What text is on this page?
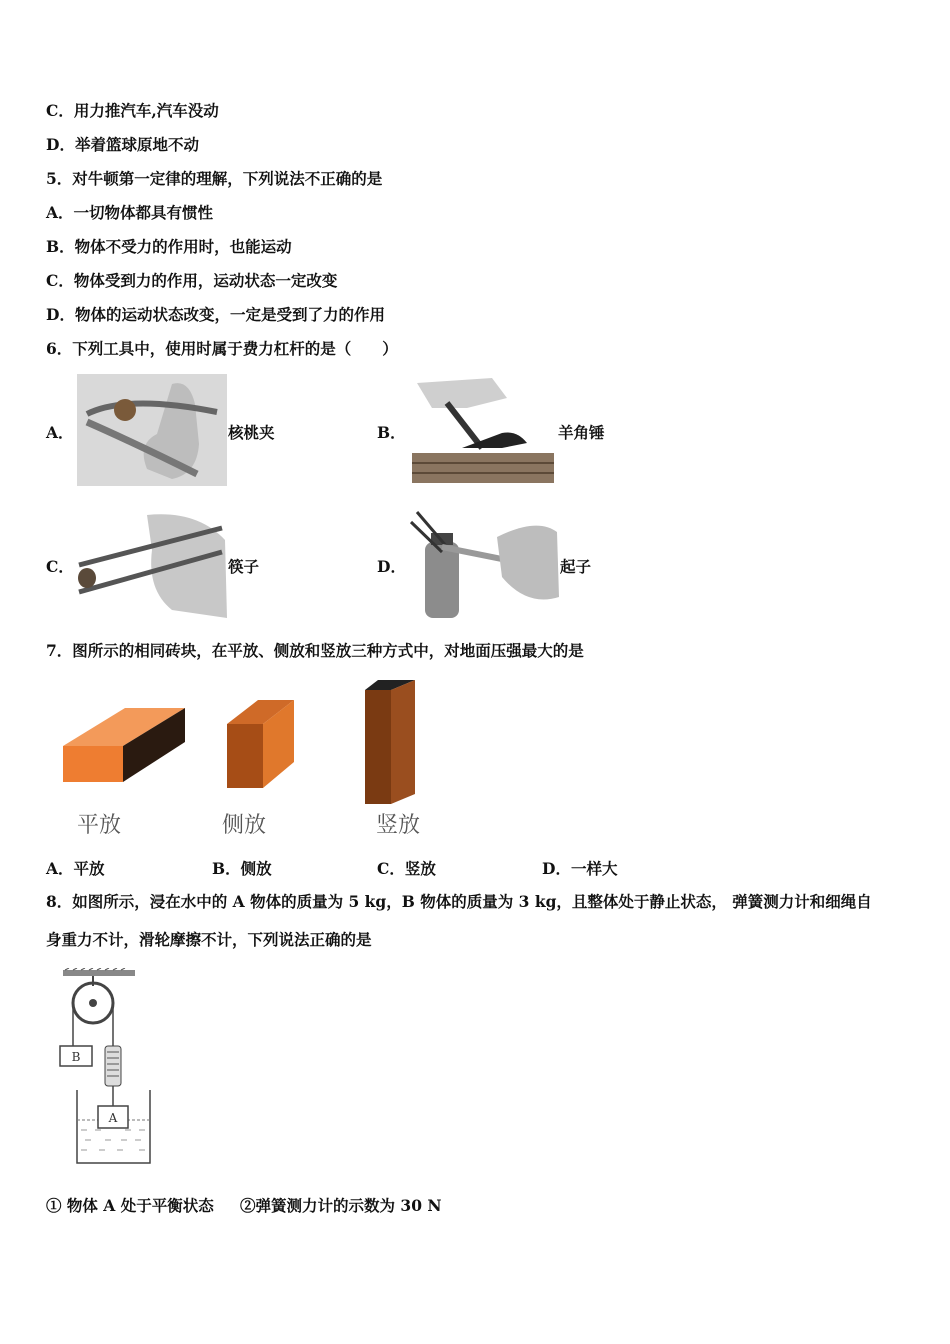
C．用力推汽车,汽车没动
D．举着篮球原地不动
5．对牛顿第一定律的理解，下列说法不正确的是
A．一切物体都具有惯性
B．物体不受力的作用时，也能运动
C．物体受到力的作用，运动状态一定改变
D．物体的运动状态改变，一定是受到了力的作用
6．下列工具中，使用时属于费力杠杆的是（　　）
A．	核桃夹	B．	羊角锤
C．	筷子	D．	起子
7．图所示的相同砖块，在平放、侧放和竖放三种方式中，对地面压强最大的是
平放	侧放	竖放
A．平放	B．侧放	C．竖放	D．一样大
8．如图所示，浸在水中的 A 物体的质量为 5 kg，B 物体的质量为 3 kg，且整体处于静止状态， 弹簧测力计和细绳自
身重力不计，滑轮摩擦不计，下列说法正确的是
B
A
① 物体 A 处于平衡状态 　 ②弹簧测力计的示数为 30 N
